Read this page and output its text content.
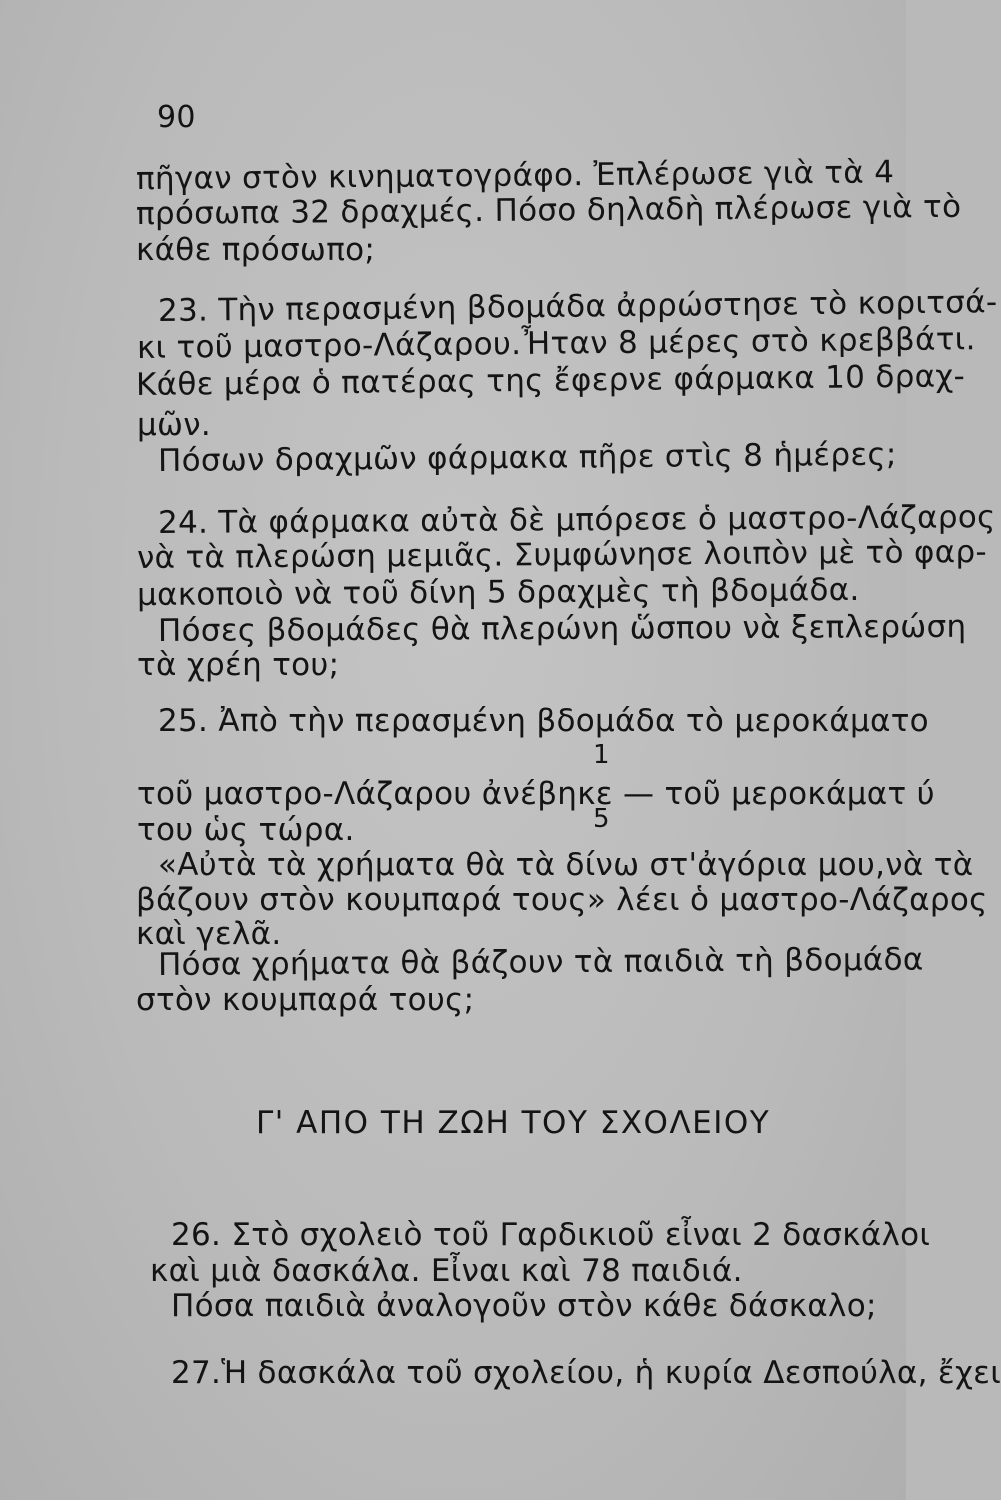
90
πῆγαν στὸν κινηματογράφο. Ἐπλέρωσε γιὰ τὰ 4
πρόσωπα 32 δραχμές. Πόσο δηλαδὴ πλέρωσε γιὰ τὸ
κάθε πρόσωπο;
23. Τὴν περασμένη βδομάδα ἀρρώστησε τὸ κοριτσά-
κι τοῦ μαστρο-Λάζαρου.Ἦταν 8 μέρες στὸ κρεββάτι.
Κάθε μέρα ὁ πατέρας της ἔφερνε φάρμακα 10 δραχ-
μῶν.
Πόσων δραχμῶν φάρμακα πῆρε στὶς 8 ἡμέρες;
24. Τὰ φάρμακα αὐτὰ δὲ μπόρεσε ὁ μαστρο-Λάζαρος
νὰ τὰ πλερώση μεμιᾶς. Συμφώνησε λοιπὸν μὲ τὸ φαρ-
μακοποιὸ νὰ τοῦ δίνη 5 δραχμὲς τὴ βδομάδα.
Πόσες βδομάδες θὰ πλερώνη ὥσπου νὰ ξεπλερώση
τὰ χρέη του;
25. Ἀπὸ τὴν περασμένη βδομάδα τὸ μεροκάματο
1
τοῦ μαστρο-Λάζαρου ἀνέβηκε — τοῦ μεροκάματ ύ
5
του ὡς τώρα.
«Αὐτὰ τὰ χρήματα θὰ τὰ δίνω στ'ἀγόρια μου,νὰ τὰ
βάζουν στὸν κουμπαρά τους» λέει ὁ μαστρο-Λάζαρος
καὶ γελᾶ.
Πόσα χρήματα θὰ βάζουν τὰ παιδιὰ τὴ βδομάδα
στὸν κουμπαρά τους;
Γ' ΑΠΟ ΤΗ ΖΩΗ ΤΟΥ ΣΧΟΛΕΙΟΥ
26. Στὸ σχολειὸ τοῦ Γαρδικιοῦ εἶναι 2 δασκάλοι
καὶ μιὰ δασκάλα. Εἶναι καὶ 78 παιδιά.
Πόσα παιδιὰ ἀναλογοῦν στὸν κάθε δάσκαλο;
27.Ἡ δασκάλα τοῦ σχολείου, ἡ κυρία Δεσπούλα, ἔχει
